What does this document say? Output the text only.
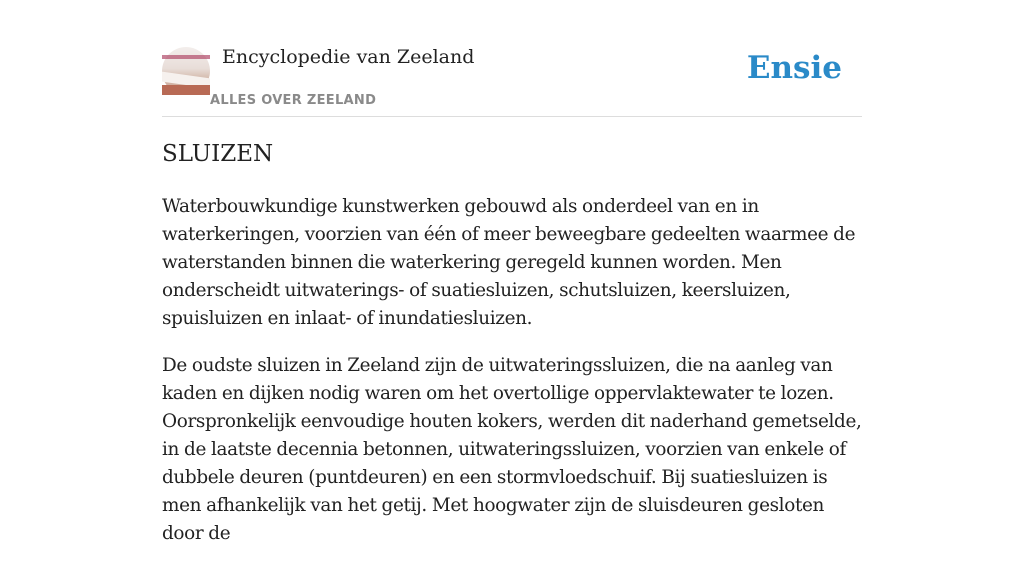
Encyclopedie van Zeeland
ALLES OVER ZEELAND
Ensie
SLUIZEN

Waterbouwkundige kunstwerken gebouwd als onderdeel van en in waterkeringen, voorzien van één of meer beweegbare gedeelten waarmee de waterstanden binnen die waterkering geregeld kunnen worden. Men onderscheidt uitwaterings- of suatiesluizen, schutsluizen, keersluizen, spuisluizen en inlaat- of inundatiesluizen.

De oudste sluizen in Zeeland zijn de uitwateringssluizen, die na aanleg van kaden en dijken nodig waren om het overtollige oppervlaktewater te lozen. Oorspronkelijk eenvoudige houten kokers, werden dit naderhand gemetselde, in de laatste decennia betonnen, uitwateringssluizen, voorzien van enkele of dubbele deuren (puntdeuren) en een stormvloedschuif. Bij suatiesluizen is men afhankelijk van het getij. Met hoogwater zijn de sluisdeuren gesloten door de
